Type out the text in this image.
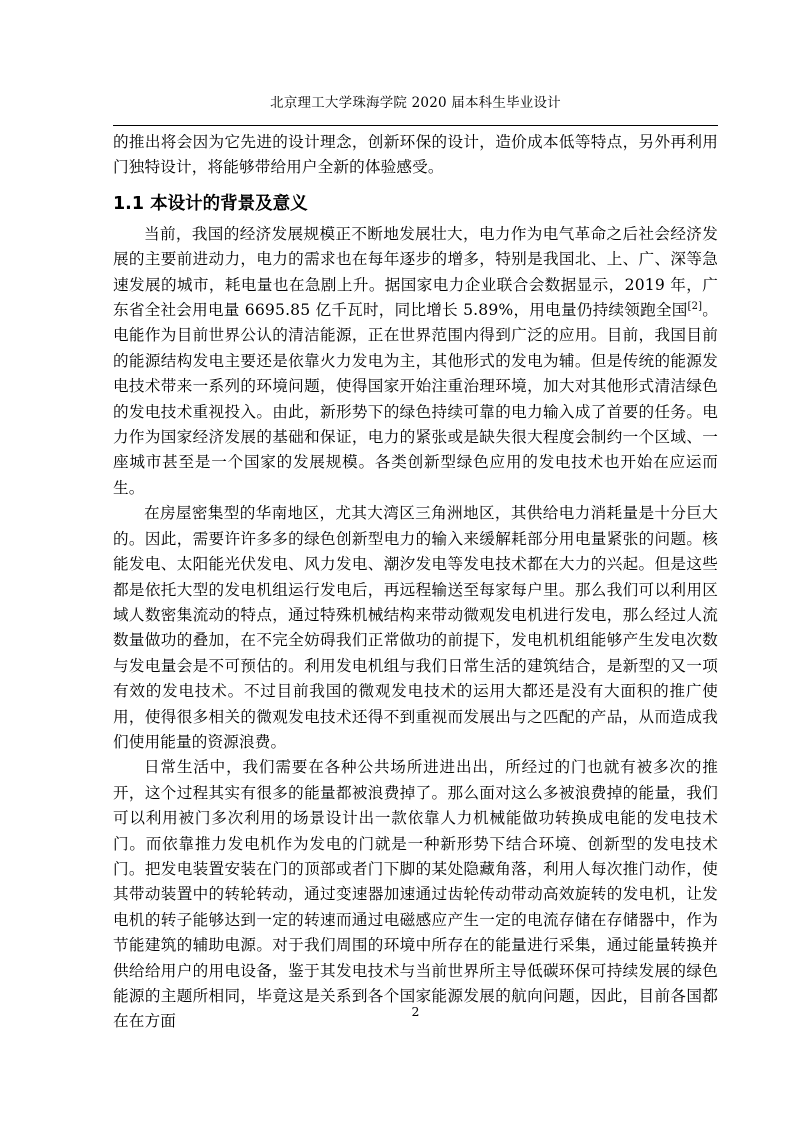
北京理工大学珠海学院 2020 届本科生毕业设计

的推出将会因为它先进的设计理念，创新环保的设计，造价成本低等特点，另外再利用门独特设计，将能够带给用户全新的体验感受。

1.1 本设计的背景及意义

当前，我国的经济发展规模正不断地发展壮大，电力作为电气革命之后社会经济发展的主要前进动力，电力的需求也在每年逐步的增多，特别是我国北、上、广、深等急速发展的城市，耗电量也在急剧上升。据国家电力企业联合会数据显示，2019 年，广东省全社会用电量 6695.85 亿千瓦时，同比增长 5.89%，用电量仍持续领跑全国[2]。电能作为目前世界公认的清洁能源，正在世界范围内得到广泛的应用。目前，我国目前的能源结构发电主要还是依靠火力发电为主，其他形式的发电为辅。但是传统的能源发电技术带来一系列的环境问题，使得国家开始注重治理环境，加大对其他形式清洁绿色的发电技术重视投入。由此，新形势下的绿色持续可靠的电力输入成了首要的任务。电力作为国家经济发展的基础和保证，电力的紧张或是缺失很大程度会制约一个区域、一座城市甚至是一个国家的发展规模。各类创新型绿色应用的发电技术也开始在应运而生。

在房屋密集型的华南地区，尤其大湾区三角洲地区，其供给电力消耗量是十分巨大的。因此，需要许许多多的绿色创新型电力的输入来缓解耗部分用电量紧张的问题。核能发电、太阳能光伏发电、风力发电、潮汐发电等发电技术都在大力的兴起。但是这些都是依托大型的发电机组运行发电后，再远程输送至每家每户里。那么我们可以利用区域人数密集流动的特点，通过特殊机械结构来带动微观发电机进行发电，那么经过人流数量做功的叠加，在不完全妨碍我们正常做功的前提下，发电机机组能够产生发电次数与发电量会是不可预估的。利用发电机组与我们日常生活的建筑结合，是新型的又一项有效的发电技术。不过目前我国的微观发电技术的运用大都还是没有大面积的推广使用，使得很多相关的微观发电技术还得不到重视而发展出与之匹配的产品，从而造成我们使用能量的资源浪费。

日常生活中，我们需要在各种公共场所进进出出，所经过的门也就有被多次的推开，这个过程其实有很多的能量都被浪费掉了。那么面对这么多被浪费掉的能量，我们可以利用被门多次利用的场景设计出一款依靠人力机械能做功转换成电能的发电技术门。而依靠推力发电机作为发电的门就是一种新形势下结合环境、创新型的发电技术门。把发电装置安装在门的顶部或者门下脚的某处隐藏角落，利用人每次推门动作，使其带动装置中的转轮转动，通过变速器加速通过齿轮传动带动高效旋转的发电机，让发电机的转子能够达到一定的转速而通过电磁感应产生一定的电流存储在存储器中，作为节能建筑的辅助电源。对于我们周围的环境中所存在的能量进行采集，通过能量转换并供给给用户的用电设备，鉴于其发电技术与当前世界所主导低碳环保可持续发展的绿色能源的主题所相同，毕竟这是关系到各个国家能源发展的航向问题，因此，目前各国都在在方面

2
